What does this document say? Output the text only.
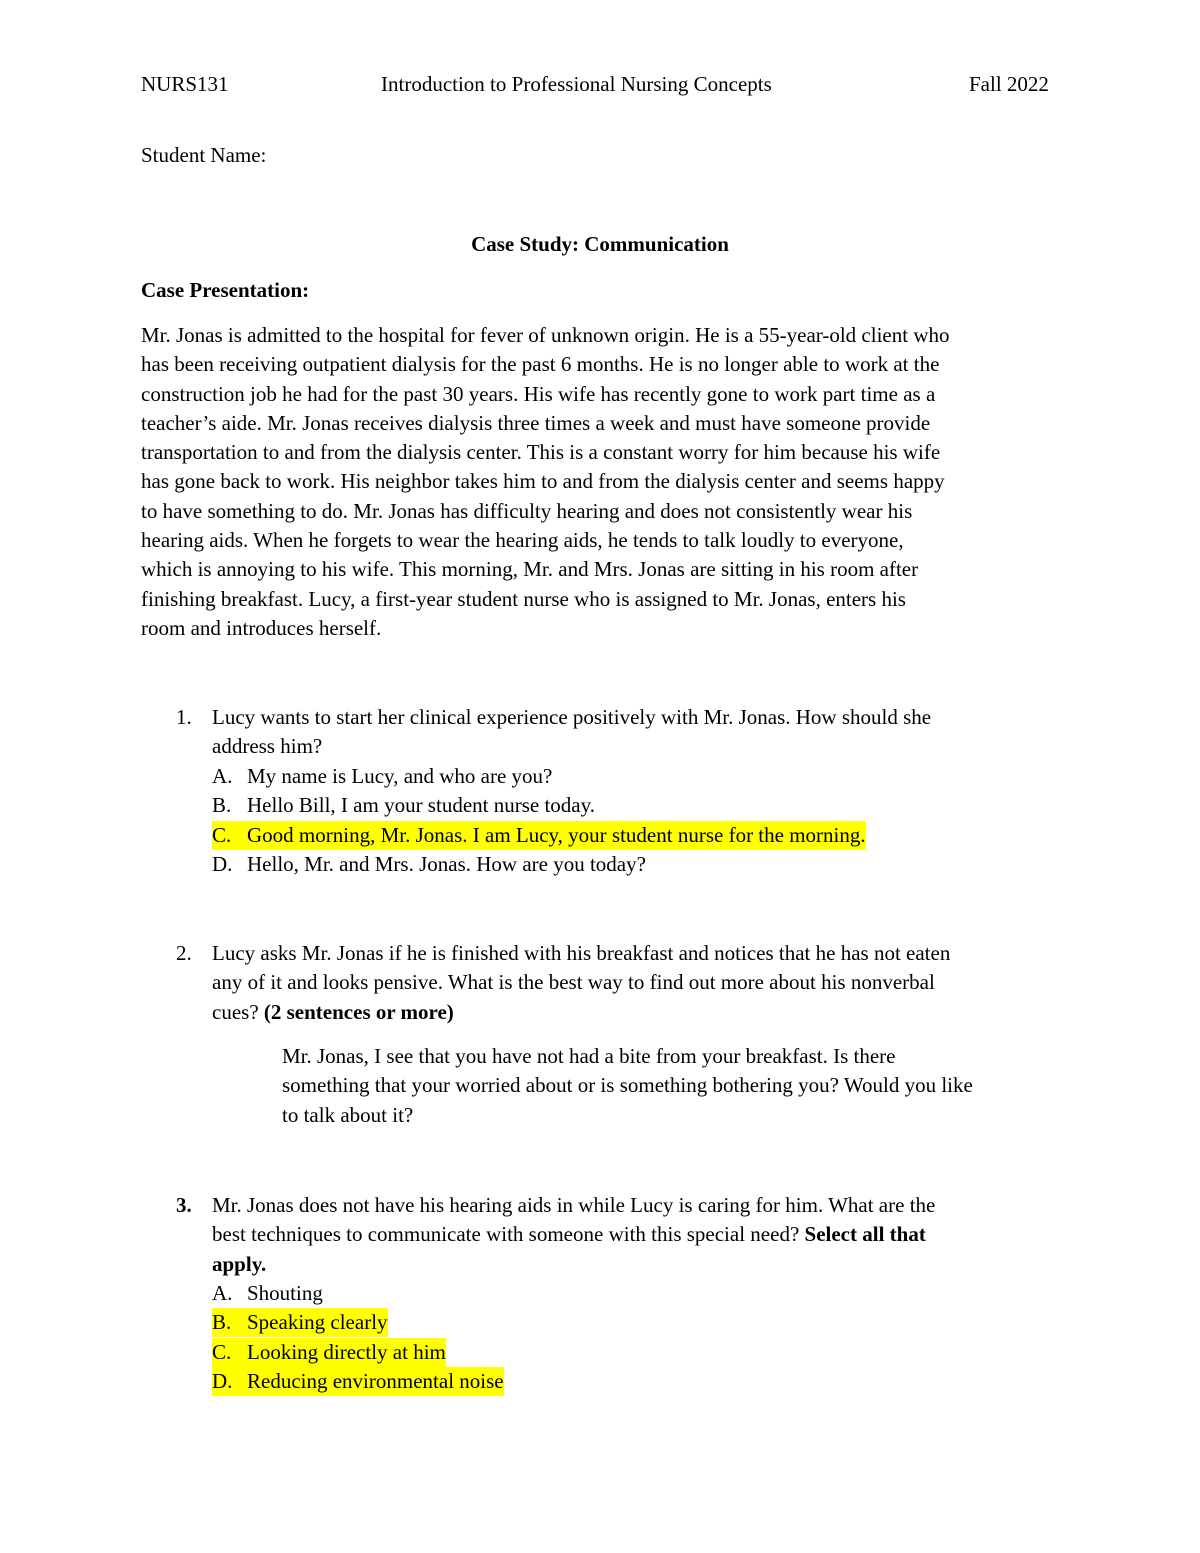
NURS131	Introduction to Professional Nursing Concepts	Fall 2022
Student Name:
Case Study: Communication
Case Presentation:
Mr. Jonas is admitted to the hospital for fever of unknown origin. He is a 55-year-old client who
has been receiving outpatient dialysis for the past 6 months. He is no longer able to work at the
construction job he had for the past 30 years. His wife has recently gone to work part time as a
teacher’s aide. Mr. Jonas receives dialysis three times a week and must have someone provide
transportation to and from the dialysis center. This is a constant worry for him because his wife
has gone back to work. His neighbor takes him to and from the dialysis center and seems happy
to have something to do. Mr. Jonas has difficulty hearing and does not consistently wear his
hearing aids. When he forgets to wear the hearing aids, he tends to talk loudly to everyone,
which is annoying to his wife. This morning, Mr. and Mrs. Jonas are sitting in his room after
finishing breakfast. Lucy, a first-year student nurse who is assigned to Mr. Jonas, enters his
room and introduces herself.
1. Lucy wants to start her clinical experience positively with Mr. Jonas. How should she
address him?
A. My name is Lucy, and who are you?
B. Hello Bill, I am your student nurse today.
C. Good morning, Mr. Jonas. I am Lucy, your student nurse for the morning.
D. Hello, Mr. and Mrs. Jonas. How are you today?
2. Lucy asks Mr. Jonas if he is finished with his breakfast and notices that he has not eaten
any of it and looks pensive. What is the best way to find out more about his nonverbal
cues? (2 sentences or more)
Mr. Jonas, I see that you have not had a bite from your breakfast. Is there
something that your worried about or is something bothering you? Would you like
to talk about it?
3. Mr. Jonas does not have his hearing aids in while Lucy is caring for him. What are the
best techniques to communicate with someone with this special need? Select all that
apply.
A. Shouting
B. Speaking clearly
C. Looking directly at him
D. Reducing environmental noise
